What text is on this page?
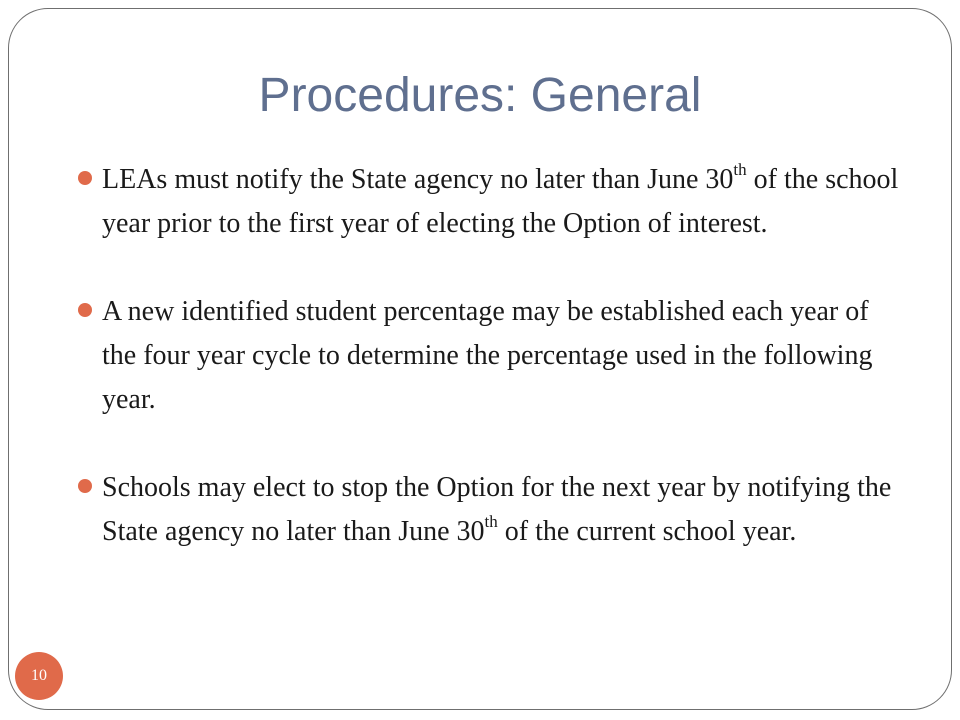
Procedures: General
LEAs must notify the State agency no later than June 30th of the school year prior to the first year of electing the Option of interest.
A new identified student percentage may be established each year of the four year cycle to determine the percentage used in the following year.
Schools may elect to stop the Option for the next year by notifying the State agency no later than June 30th of the current school year.
10
